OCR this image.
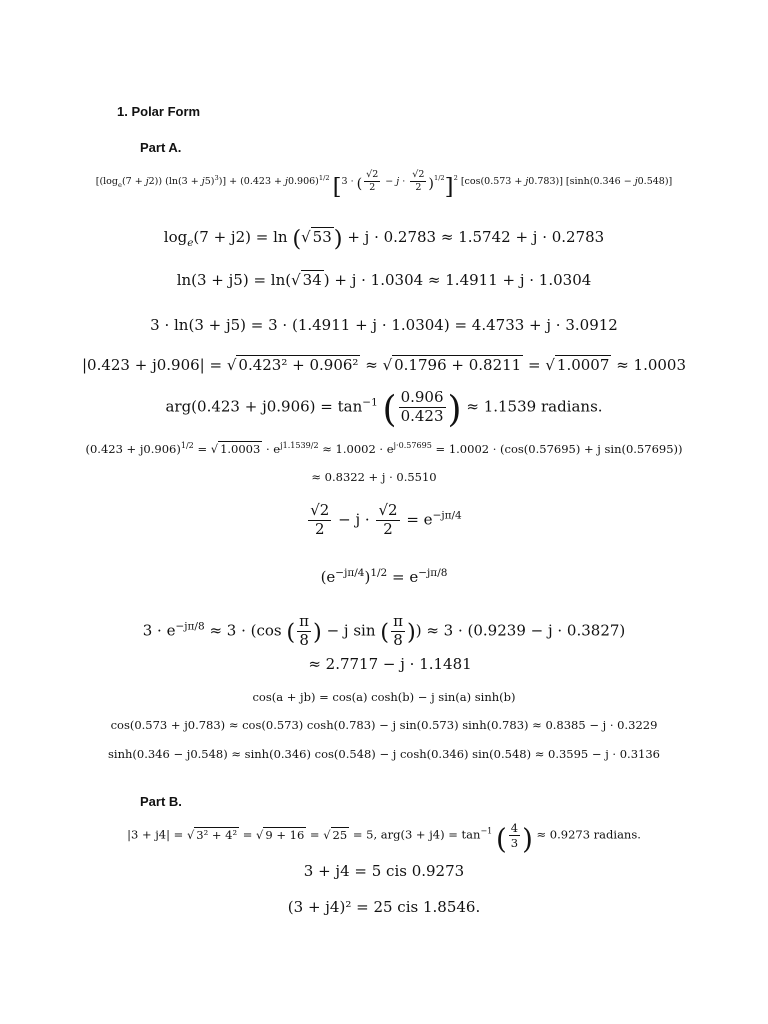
1. Polar Form
Part A.
$[(\log_e(7 + j2)) (\ln(3 + j5)^3)] + (0.423 + j0.906)^{1/2}$ [3 · ( $\frac{√2}{2} - j \cdot \frac{√2}{2} )^{1/2}]^2$ [cos(0.573 + j0.783)] [sinh(0.346 − j0.548)]
$\log_e(7 + j2) = \ln$ (√ 53) + j · 0.2783 ≈ 1.5742 + j · 0.2783
ln(3 + j5) = ln(√ 34 ) + j · 1.0304 ≈ 1.4911 + j · 1.0304
3 · ln(3 + j5) = 3 · (1.4911 + j · 1.0304) = 4.4733 + j · 3.0912
|0.423 + j0.906| = √ 0.423² + 0.906² ≈ √ 0.1796 + 0.8211 = √ 1.0007 ≈ 1.0003
$arg(0.423 + j0.906) = \tan^{-1}$ ( $\frac{0.906}{0.423}$ ) ≈ 1.1539 radians.
$(0.423 + j0.906)^{1/2}$ = √ $1.0003 \cdot e^{j1.1539/2} \approx 1.0002 \cdot e^{j\cdot 0.57695} = 1.0002 \cdot (\cos(0.57695) + j$ sin(0.57695))
≈ 0.8322 + j · 0.5510
$\frac{√2}{2} - j \cdot \frac{√2}{2} = e^{-j\pi/4}$
$(e^{-j\pi/4})^{1/2} = e^{-j\pi/8}$
$3 \cdot e^{-j\pi/8} \approx 3 \cdot (\cos$ ( $\frac{\pi}{8}$ ) − j sin ( $\frac{\pi}{8}$ )) ≈ 3 · (0.9239 − j · 0.3827)
≈ 2.7717 − j · 1.1481
cos(a + jb) = cos(a) cosh(b) − j sin(a) sinh(b)
cos(0.573 + j0.783) ≈ cos(0.573) cosh(0.783) − j sin(0.573) sinh(0.783) ≈ 0.8385 − j · 0.3229
sinh(0.346 − j0.548) ≈ sinh(0.346) cos(0.548) − j cosh(0.346) sin(0.548) ≈ 0.3595 − j · 0.3136
Part B.
|3 + j4| = √ 3² + 4² = √ 9 + 16 = √ 25 = 5, $arg(3 + j4) = \tan^{-1}$ ( $\frac{4}{3}$ ) ≈ 0.9273 radians.
3 + j4 = 5 cis 0.9273
(3 + j4)² = 25 cis 1.8546.
